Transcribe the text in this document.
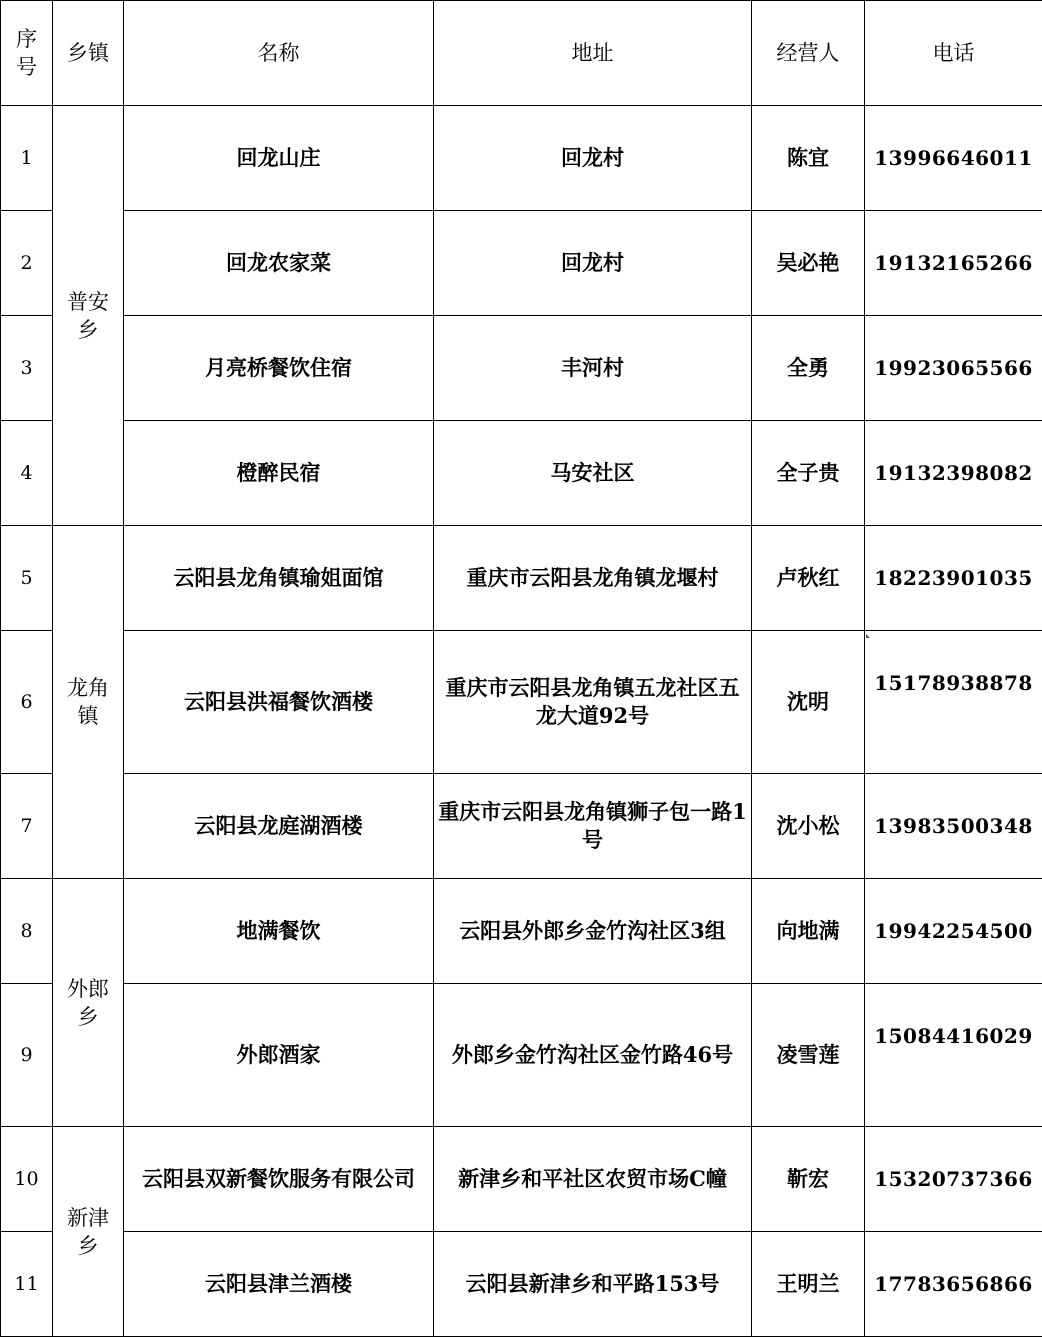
序号	乡镇	名称	地址	经营人	电话
1	普安乡	回龙山庄	回龙村	陈宜	13996646011
2		回龙农家菜	回龙村	吴必艳	19132165266
3		月亮桥餐饮住宿	丰河村	全勇	19923065566
4		橙醉民宿	马安社区	全子贵	19132398082
5	龙角镇	云阳县龙角镇瑜姐面馆	重庆市云阳县龙角镇龙堰村	卢秋红	18223901035
6		云阳县洪福餐饮酒楼	重庆市云阳县龙角镇五龙社区五龙大道92号	沈明	15178938878
7		云阳县龙庭湖酒楼	重庆市云阳县龙角镇狮子包一路1号	沈小松	13983500348
8	外郎乡	地满餐饮	云阳县外郎乡金竹沟社区3组	向地满	19942254500
9		外郎酒家	外郎乡金竹沟社区金竹路46号	凌雪莲	15084416029
10	新津乡	云阳县双新餐饮服务有限公司	新津乡和平社区农贸市场C幢	靳宏	15320737366
11		云阳县津兰酒楼	云阳县新津乡和平路153号	王明兰	17783656866
